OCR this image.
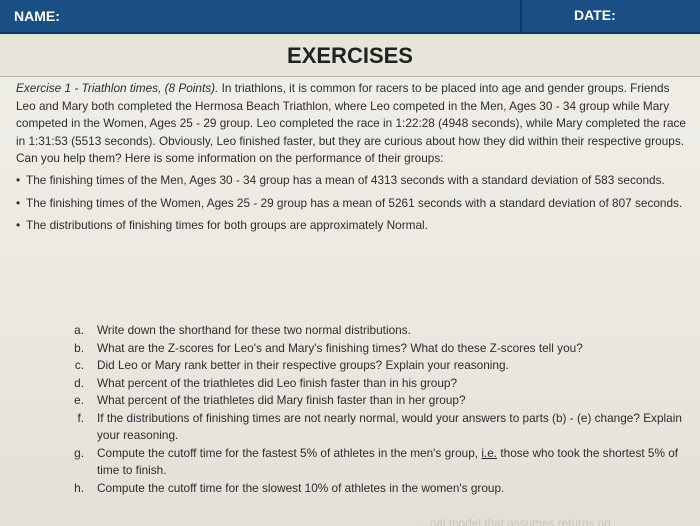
NAME:	DATE:
EXERCISES

Exercise 1 - Triathlon times, (8 Points). In triathlons, it is common for racers to be placed into age and gender groups. Friends Leo and Mary both completed the Hermosa Beach Triathlon, where Leo competed in the Men, Ages 30 - 34 group while Mary competed in the Women, Ages 25 - 29 group. Leo completed the race in 1:22:28 (4948 seconds), while Mary completed the race in 1:31:53 (5513 seconds). Obviously, Leo finished faster, but they are curious about how they did within their respective groups. Can you help them? Here is some information on the performance of their groups:

• The finishing times of the Men, Ages 30 - 34 group has a mean of 4313 seconds with a standard deviation of 583 seconds.
• The finishing times of the Women, Ages 25 - 29 group has a mean of 5261 seconds with a standard deviation of 807 seconds.
• The distributions of finishing times for both groups are approximately Normal.
a. Write down the shorthand for these two normal distributions.
b. What are the Z-scores for Leo's and Mary's finishing times? What do these Z-scores tell you?
c. Did Leo or Mary rank better in their respective groups? Explain your reasoning.
d. What percent of the triathletes did Leo finish faster than in his group?
e. What percent of the triathletes did Mary finish faster than in her group?
f. If the distributions of finishing times are not nearly normal, would your answers to parts (b) - (e) change? Explain your reasoning.
g. Compute the cutoff time for the fastest 5% of athletes in the men's group, i.e. those who took the shortest 5% of time to finish.
h. Compute the cutoff time for the slowest 10% of athletes in the women's group.
...nal model that assumes returns on
